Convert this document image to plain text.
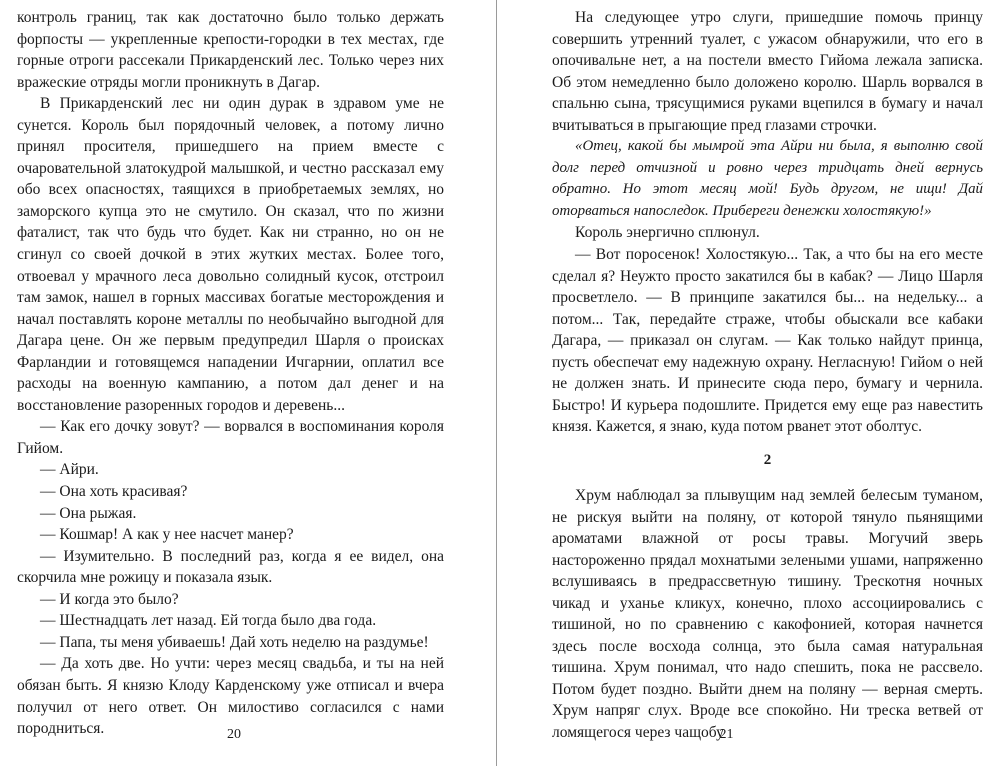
контроль границ, так как достаточно было только держать форпосты — укрепленные крепости-городки в тех местах, где горные отроги рассекали Прикарденский лес. Только через них вражеские отряды могли проникнуть в Дагар.

В Прикарденский лес ни один дурак в здравом уме не сунется. Король был порядочный человек, а потому лично принял просителя, пришедшего на прием вместе с очаровательной златокудрой малышкой, и честно рассказал ему обо всех опасностях, таящихся в приобретаемых землях, но заморского купца это не смутило. Он сказал, что по жизни фаталист, так что будь что будет. Как ни странно, но он не сгинул со своей дочкой в этих жутких местах. Более того, отвоевал у мрачного леса довольно солидный кусок, отстроил там замок, нашел в горных массивах богатые месторождения и начал поставлять короне металлы по необычайно выгодной для Дагара цене. Он же первым предупредил Шарля о происках Фарландии и готовящемся нападении Ичгарнии, оплатил все расходы на военную кампанию, а потом дал денег и на восстановление разоренных городов и деревень...

— Как его дочку зовут? — ворвался в воспоминания короля Гийом.

— Айри.

— Она хоть красивая?

— Она рыжая.

— Кошмар! А как у нее насчет манер?

— Изумительно. В последний раз, когда я ее видел, она скорчила мне рожицу и показала язык.

— И когда это было?

— Шестнадцать лет назад. Ей тогда было два года.

— Папа, ты меня убиваешь! Дай хоть неделю на раздумье!

— Да хоть две. Но учти: через месяц свадьба, и ты на ней обязан быть. Я князю Клоду Карденскому уже отписал и вчера получил от него ответ. Он милостиво согласился с нами породниться.	20

На следующее утро слуги, пришедшие помочь принцу совершить утренний туалет, с ужасом обнаружили, что его в опочивальне нет, а на постели вместо Гийома лежала записка. Об этом немедленно было доложено королю. Шарль ворвался в спальню сына, трясущимися руками вцепился в бумагу и начал вчитываться в прыгающие пред глазами строчки.

«Отец, какой бы мымрой эта Айри ни была, я выполню свой долг перед отчизной и ровно через тридцать дней вернусь обратно. Но этот месяц мой! Будь другом, не ищи! Дай оторваться напоследок. Прибереги денежки холостякую!»

Король энергично сплюнул.

— Вот поросенок! Холостякую... Так, а что бы на его месте сделал я? Неужто просто закатился бы в кабак? — Лицо Шарля просветлело. — В принципе закатился бы... на недельку... а потом... Так, передайте страже, чтобы обыскали все кабаки Дагара, — приказал он слугам. — Как только найдут принца, пусть обеспечат ему надежную охрану. Негласную! Гийом о ней не должен знать. И принесите сюда перо, бумагу и чернила. Быстро! И курьера подошлите. Придется ему еще раз навестить князя. Кажется, я знаю, куда потом рванет этот оболтус.

2

Хрум наблюдал за плывущим над землей белесым туманом, не рискуя выйти на поляну, от которой тянуло пьянящими ароматами влажной от росы травы. Могучий зверь настороженно прядал мохнатыми зелеными ушами, напряженно вслушиваясь в предрассветную тишину. Трескотня ночных чикад и уханье кликух, конечно, плохо ассоциировались с тишиной, но по сравнению с какофонией, которая начнется здесь после восхода солнца, это была самая натуральная тишина. Хрум понимал, что надо спешить, пока не рассвело. Потом будет поздно. Выйти днем на поляну — верная смерть. Хрум напряг слух. Вроде все спокойно. Ни треска ветвей от ломящегося через чащобу

21
